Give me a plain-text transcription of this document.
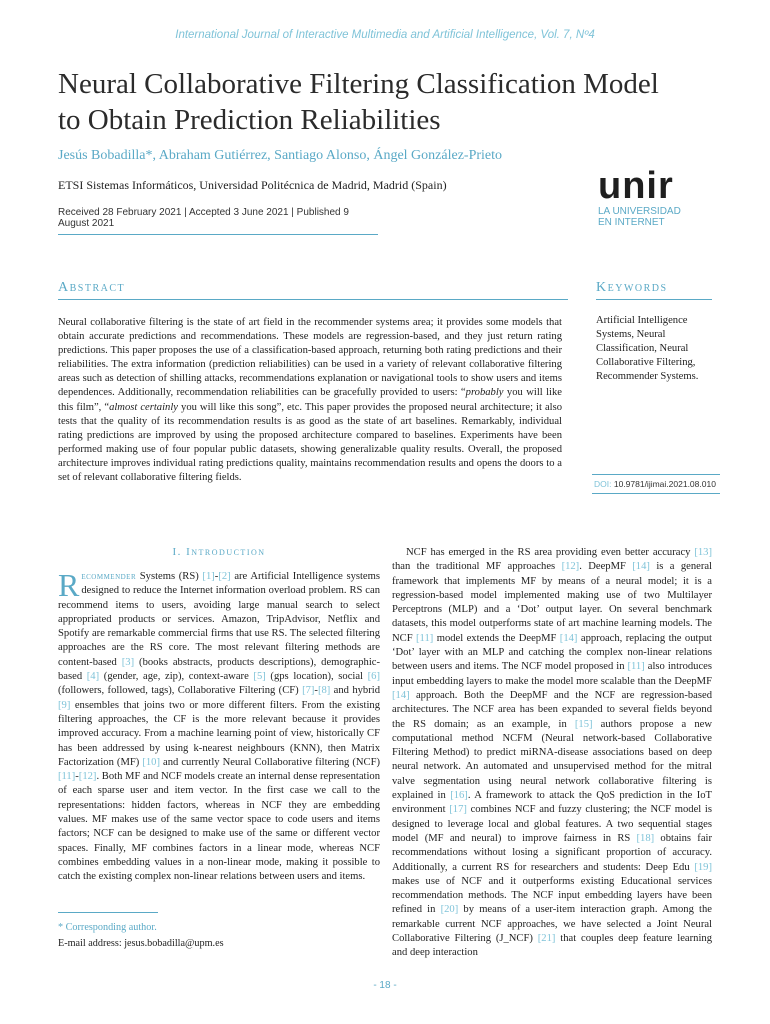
International Journal of Interactive Multimedia and Artificial Intelligence, Vol. 7, Nº4
Neural Collaborative Filtering Classification Model
to Obtain Prediction Reliabilities
Jesús Bobadilla*, Abraham Gutiérrez, Santiago Alonso, Ángel González-Prieto
ETSI Sistemas Informáticos, Universidad Politécnica de Madrid, Madrid (Spain)
Received 28 February 2021 | Accepted 3 June 2021 | Published 9 August 2021
unir
LA UNIVERSIDAD
EN INTERNET
Abstract	Keywords
Neural collaborative filtering is the state of art field in the recommender systems area; it provides some models that obtain accurate predictions and recommendations. These models are regression-based, and they just return rating predictions. This paper proposes the use of a classification-based approach, returning both rating predictions and their reliabilities. The extra information (prediction reliabilities) can be used in a variety of relevant collaborative filtering areas such as detection of shilling attacks, recommendations explanation or navigational tools to show users and items dependences. Additionally, recommendation reliabilities can be gracefully provided to users: “probably you will like this film”, “almost certainly you will like this song”, etc. This paper provides the proposed neural architecture; it also tests that the quality of its recommendation results is as good as the state of art baselines. Remarkably, individual rating predictions are improved by using the proposed architecture compared to baselines. Experiments have been performed making use of four popular public datasets, showing generalizable quality results. Overall, the proposed architecture improves individual rating predictions quality, maintains recommendation results and opens the doors to a set of relevant collaborative filtering fields.
Artificial Intelligence Systems, Neural Classification, Neural Collaborative Filtering, Recommender Systems.
DOI: 10.9781/ijimai.2021.08.010
I. Introduction

Recommender Systems (RS) [1]-[2] are Artificial Intelligence systems designed to reduce the Internet information overload problem. RS can recommend items to users, avoiding large manual search to select appropriated products or services. Amazon, TripAdvisor, Netflix and Spotify are remarkable commercial firms that use RS. The selected filtering approaches are the RS core. The most relevant filtering methods are content-based [3] (books abstracts, products descriptions), demographic-based [4] (gender, age, zip), context-aware [5] (gps location), social [6] (followers, followed, tags), Collaborative Filtering (CF) [7]-[8] and hybrid [9] ensembles that joins two or more different filters. From the existing filtering approaches, the CF is the more relevant because it provides improved accuracy. From a machine learning point of view, historically CF has been addressed by using k-nearest neighbours (KNN), then Matrix Factorization (MF) [10] and currently Neural Collaborative filtering (NCF) [11]-[12]. Both MF and NCF models create an internal dense representation of each sparse user and item vector. In the first case we call to the representations: hidden factors, whereas in NCF they are embedding values. MF makes use of the same vector space to code users and items factors; NCF can be designed to make use of the same or different vector spaces. Finally, MF combines factors in a linear mode, whereas NCF combines embedding values in a non-linear mode, making it possible to catch the existing complex non-linear relations between users and items.

NCF has emerged in the RS area providing even better accuracy [13] than the traditional MF approaches [12]. DeepMF [14] is a general framework that implements MF by means of a neural model; it is a regression-based model implemented making use of two Multilayer Perceptrons (MLP) and a ‘Dot’ output layer. On several benchmark datasets, this model outperforms state of art machine learning models. The NCF [11] model extends the DeepMF [14] approach, replacing the output ‘Dot’ layer with an MLP and catching the complex non-linear relations between users and items. The NCF model proposed in [11] also introduces input embedding layers to make the model more scalable than the DeepMF [14] approach. Both the DeepMF and the NCF are regression-based architectures. The NCF area has been expanded to several fields beyond the RS domain; as an example, in [15] authors propose a new computational method NCFM (Neural network-based Collaborative Filtering Method) to predict miRNA-disease associations based on deep neural network. An automated and unsupervised method for the mitral valve segmentation using neural network collaborative filtering is explained in [16]. A framework to attack the QoS prediction in the IoT environment [17] combines NCF and fuzzy clustering; the NCF model is designed to leverage local and global features. A two sequential stages model (MF and neural) to improve fairness in RS [18] obtains fair recommendations without losing a significant proportion of accuracy. Additionally, a current RS for researchers and students: Deep Edu [19] makes use of NCF and it outperforms existing Educational services recommendation methods. The NCF input embedding layers have been refined in [20] by means of a user-item interaction graph. Among the remarkable current NCF approaches, we have selected a Joint Neural Collaborative Filtering (J_NCF) [21] that couples deep feature learning and deep interaction

* Corresponding author.
E-mail address: jesus.bobadilla@upm.es
- 18 -
